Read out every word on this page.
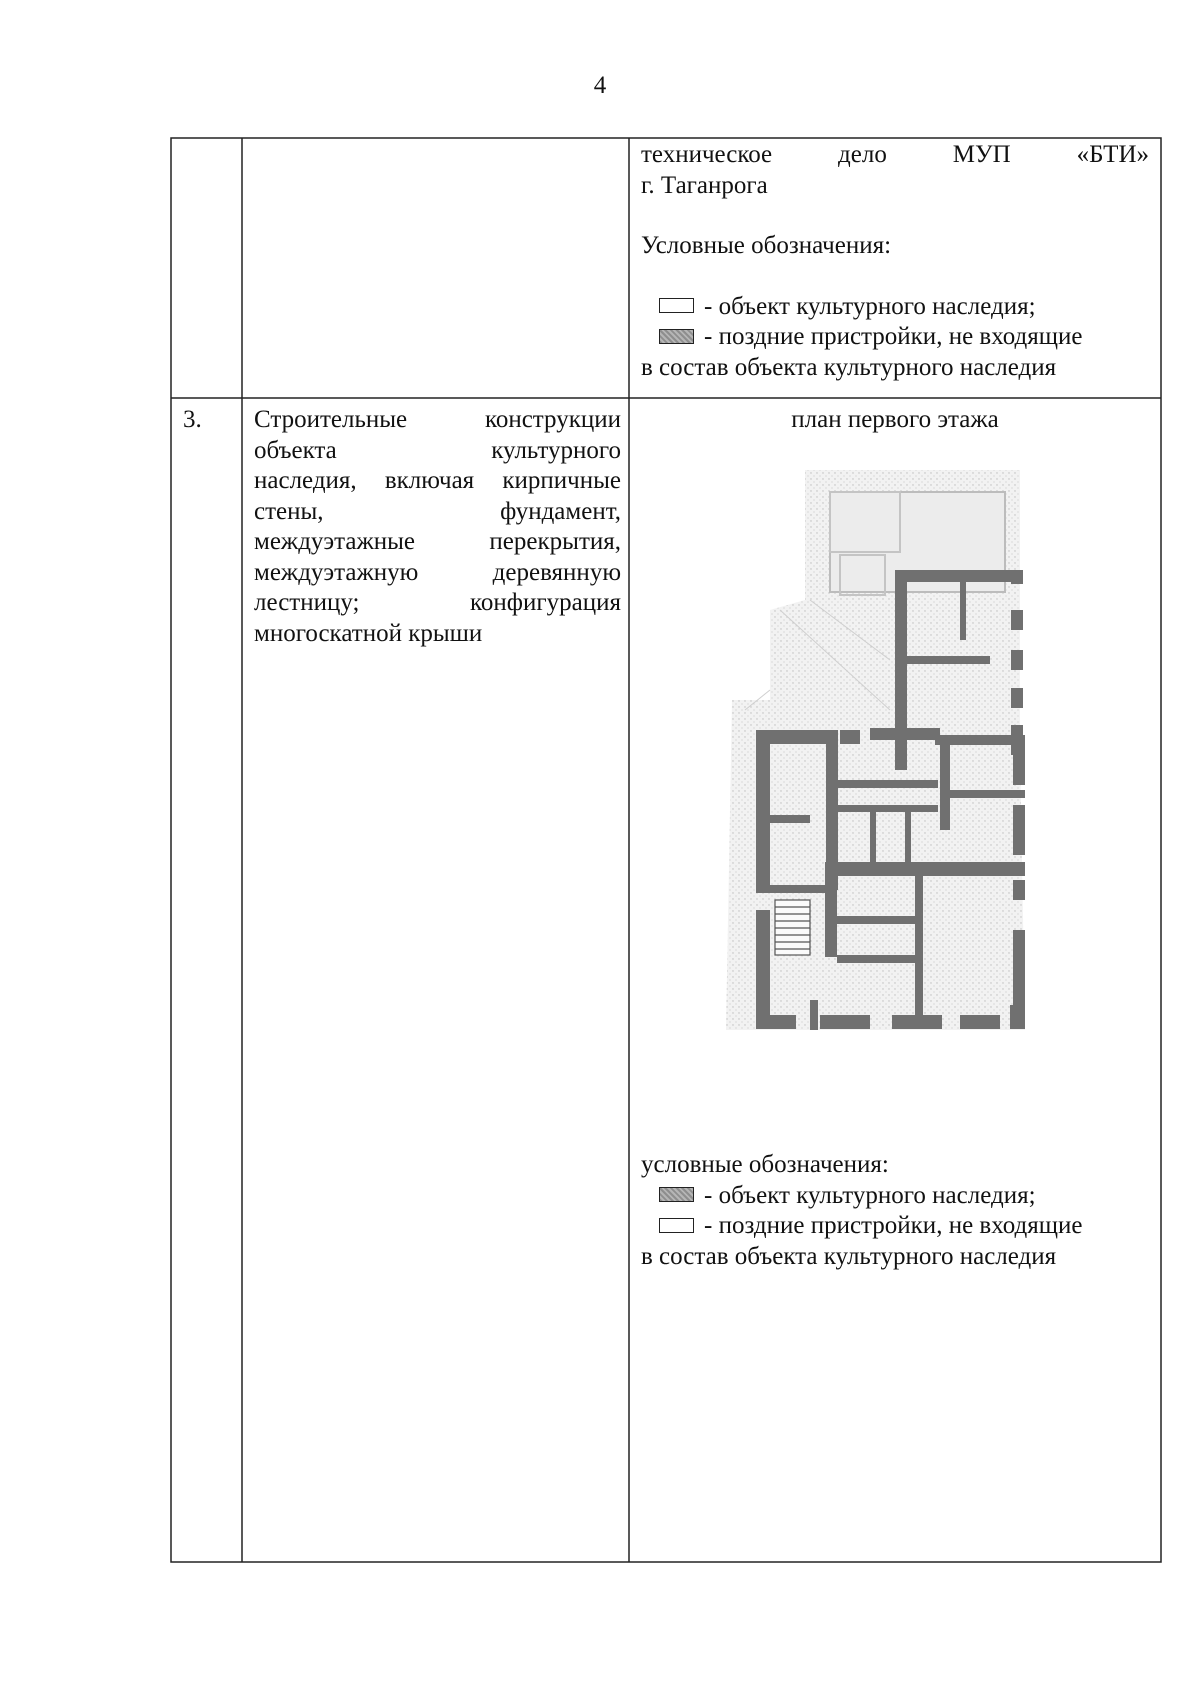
4
техническое дело МУП «БТИ»
г. Таганрога
Условные обозначения:
- объект культурного наследия;
- поздние пристройки, не входящие
в состав объекта культурного наследия
3. Строительные конструкции
объекта культурного
наследия, включая кирпичные
стены, фундамент,
междуэтажные перекрытия,
междуэтажную деревянную
лестницу; конфигурация
многоскатной крыши
план первого этажа
условные обозначения:
- объект культурного наследия;
- поздние пристройки, не входящие
в состав объекта культурного наследия
